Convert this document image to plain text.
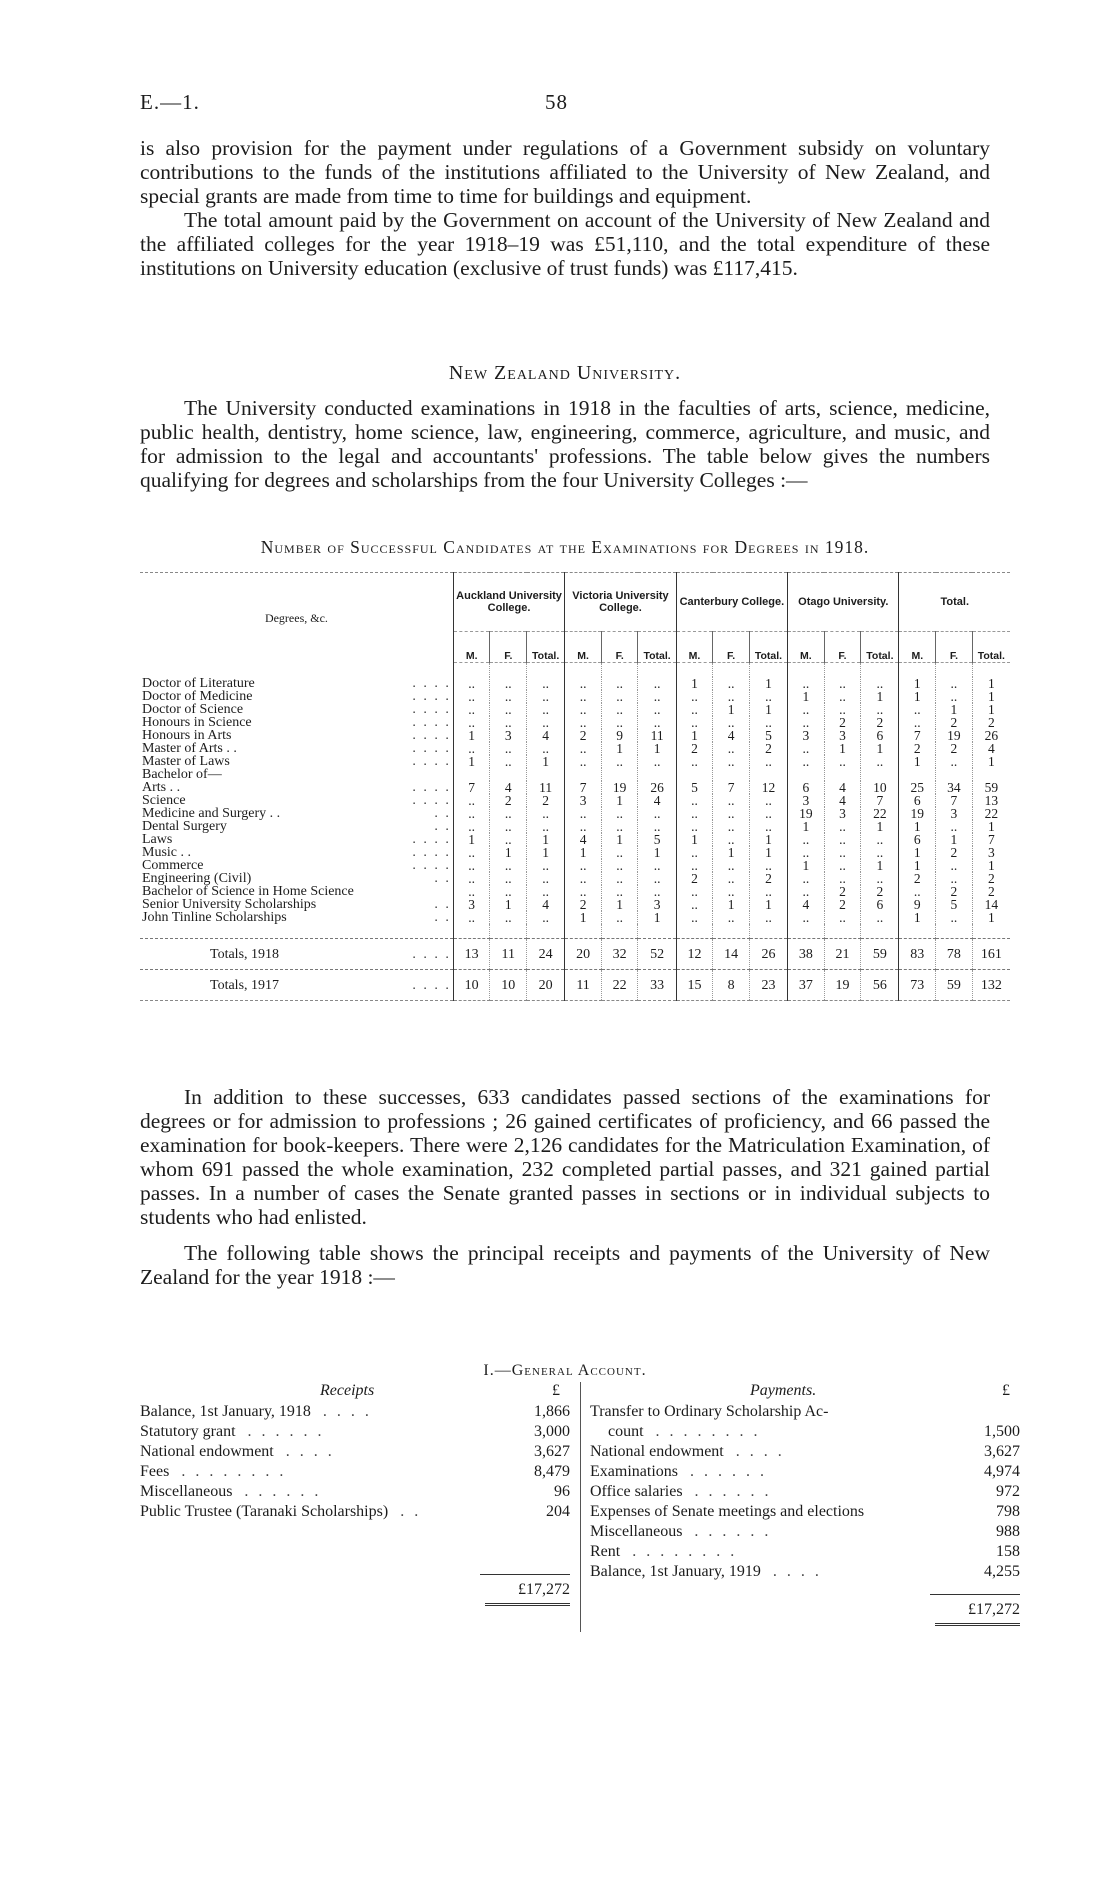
E.—1.	58

is also provision for the payment under regulations of a Government subsidy on voluntary contributions to the funds of the institutions affiliated to the University of New Zealand, and special grants are made from time to time for buildings and equipment.

The total amount paid by the Government on account of the University of New Zealand and the affiliated colleges for the year 1918–19 was £51,110, and the total expenditure of these institutions on University education (exclusive of trust funds) was £117,415.

New Zealand University.

The University conducted examinations in 1918 in the faculties of arts, science, medicine, public health, dentistry, home science, law, engineering, commerce, agriculture, and music, and for admission to the legal and accountants' professions. The table below gives the numbers qualifying for degrees and scholarships from the four University Colleges :—

Number of Successful Candidates at the Examinations for Degrees in 1918.
Degrees, &c.	Auckland University College.			Victoria University College.			Canterbury College.			Otago University.			Total.		
	M.	F.	Total.	M.	F.	Total.	M.	F.	Total.	M.	F.	Total.	M.	F.	Total.

Doctor of Literature . . . .	..	..	..	..	..	..	1	..	1	..	..	..	1	..	1
Doctor of Medicine . . . .	..	..	..	..	..	..	..	..	..	1	..	1	1	..	1
Doctor of Science . . . .	..	..	..	..	..	..	..	1	1	..	..	..	..	1	1
Honours in Science . . . .	..	..	..	..	..	..	..	..	..	..	2	2	..	2	2
Honours in Arts . . . .	1	3	4	2	9	11	1	4	5	3	3	6	7	19	26
Master of Arts . . . . . .	..	..	..	..	1	1	2	..	2	..	1	1	2	2	4
Master of Laws . . . .	1	..	1	..	..	..	..	..	..	..	..	..	1	..	1
Bachelor of—															
Arts . . . . . .	7	4	11	7	19	26	5	7	12	6	4	10	25	34	59
Science . . . .	..	2	2	3	1	4	..	..	..	3	4	7	6	7	13
Medicine and Surgery . . . .	..	..	..	..	..	..	..	..	..	19	3	22	19	3	22
Dental Surgery . .	..	..	..	..	..	..	..	..	..	1	..	1	1	..	1
Laws . . . .	1	..	1	4	1	5	1	..	1	..	..	..	6	1	7
Music . . . . . .	..	1	1	1	..	1	..	1	1	..	..	..	1	2	3
Commerce . . . .	..	..	..	..	..	..	..	..	..	1	..	1	1	..	1
Engineering (Civil) . .	..	..	..	..	..	..	2	..	2	..	..	..	2	..	2
Bachelor of Science in Home Science	..	..	..	..	..	..	..	..	..	..	2	2	..	2	2
Senior University Scholarships . .	3	1	4	2	1	3	..	1	1	4	2	6	9	5	14
John Tinline Scholarships . .	..	..	..	1	..	1	..	..	..	..	..	..	1	..	1

Totals, 1918 . . . .	13	11	24	20	32	52	12	14	26	38	21	59	83	78	161
Totals, 1917 . . . .	10	10	20	11	22	33	15	8	23	37	19	56	73	59	132

In addition to these successes, 633 candidates passed sections of the examinations for degrees or for admission to professions ; 26 gained certificates of proficiency, and 66 passed the examination for book-keepers. There were 2,126 candidates for the Matriculation Examination, of whom 691 passed the whole examination, 232 completed partial passes, and 321 gained partial passes. In a number of cases the Senate granted passes in sections or in individual subjects to students who had enlisted.

The following table shows the principal receipts and payments of the University of New Zealand for the year 1918 :—

I.—General Account.
Receipts	£
Balance, 1st January, 1918 . . . .	1,866
Statutory grant . . . . . .	3,000
National endowment . . . .	3,627
Fees . . . . . . . .	8,479
Miscellaneous . . . . . .	96
Public Trustee (Taranaki Scholarships) . .	204
£17,272
Payments.	£
Transfer to Ordinary Scholarship Ac-
count . . . . . . . .	1,500
National endowment . . . .	3,627
Examinations . . . . . .	4,974
Office salaries . . . . . .	972
Expenses of Senate meetings and elections	798
Miscellaneous . . . . . .	988
Rent . . . . . . . .	158
Balance, 1st January, 1919 . . . .	4,255
£17,272
